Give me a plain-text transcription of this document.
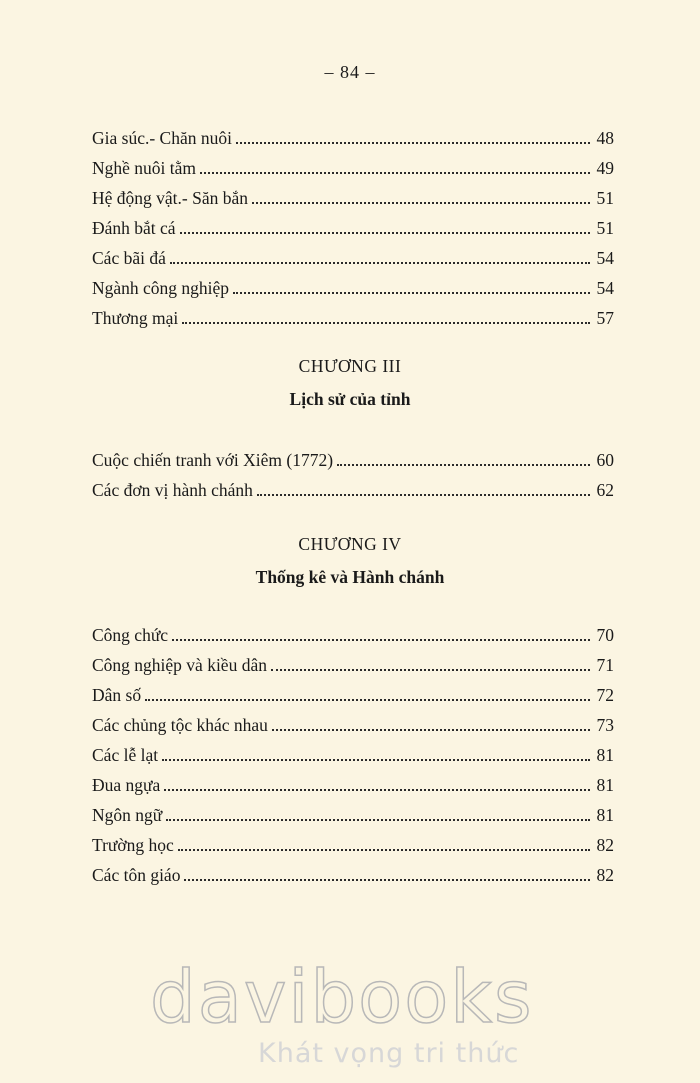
– 84 –
Gia súc.- Chăn nuôi	48
Nghề nuôi tằm	49
Hệ động vật.- Săn bắn	51
Đánh bắt cá	51
Các bãi đá	54
Ngành công nghiệp	54
Thương mại	57
CHƯƠNG III
Lịch sử của tỉnh
Cuộc chiến tranh với Xiêm (1772)	60
Các đơn vị hành chánh	62
CHƯƠNG IV
Thống kê và Hành chánh
Công chức	70
Công nghiệp và kiều dân	71
Dân số	72
Các chủng tộc khác nhau	73
Các lễ lạt	81
Đua ngựa	81
Ngôn ngữ	81
Trường học	82
Các tôn giáo	82
davibooks
Khát vọng tri thức
